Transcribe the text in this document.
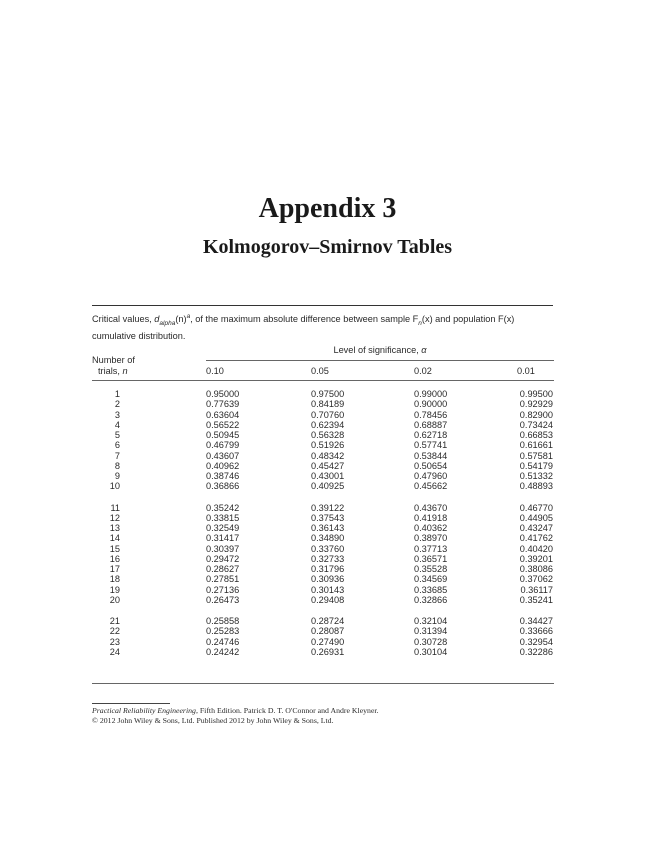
Appendix 3
Kolmogorov–Smirnov Tables
Critical values, $d_{alpha}(n)^a$, of the maximum absolute difference between sample $F_n(x)$ and population F(x)
cumulative distribution.
Level of significance, α
Number of
trials, n	0.10	0.05	0.02	0.01
1	0.95000	0.97500	0.99000	0.99500
2	0.77639	0.84189	0.90000	0.92929
3	0.63604	0.70760	0.78456	0.82900
4	0.56522	0.62394	0.68887	0.73424
5	0.50945	0.56328	0.62718	0.66853
6	0.46799	0.51926	0.57741	0.61661
7	0.43607	0.48342	0.53844	0.57581
8	0.40962	0.45427	0.50654	0.54179
9	0.38746	0.43001	0.47960	0.51332
10	0.36866	0.40925	0.45662	0.48893
11	0.35242	0.39122	0.43670	0.46770
12	0.33815	0.37543	0.41918	0.44905
13	0.32549	0.36143	0.40362	0.43247
14	0.31417	0.34890	0.38970	0.41762
15	0.30397	0.33760	0.37713	0.40420
16	0.29472	0.32733	0.36571	0.39201
17	0.28627	0.31796	0.35528	0.38086
18	0.27851	0.30936	0.34569	0.37062
19	0.27136	0.30143	0.33685	0.36117
20	0.26473	0.29408	0.32866	0.35241
21	0.25858	0.28724	0.32104	0.34427
22	0.25283	0.28087	0.31394	0.33666
23	0.24746	0.27490	0.30728	0.32954
24	0.24242	0.26931	0.30104	0.32286
Practical Reliability Engineering, Fifth Edition. Patrick D. T. O'Connor and Andre Kleyner.
© 2012 John Wiley & Sons, Ltd. Published 2012 by John Wiley & Sons, Ltd.
